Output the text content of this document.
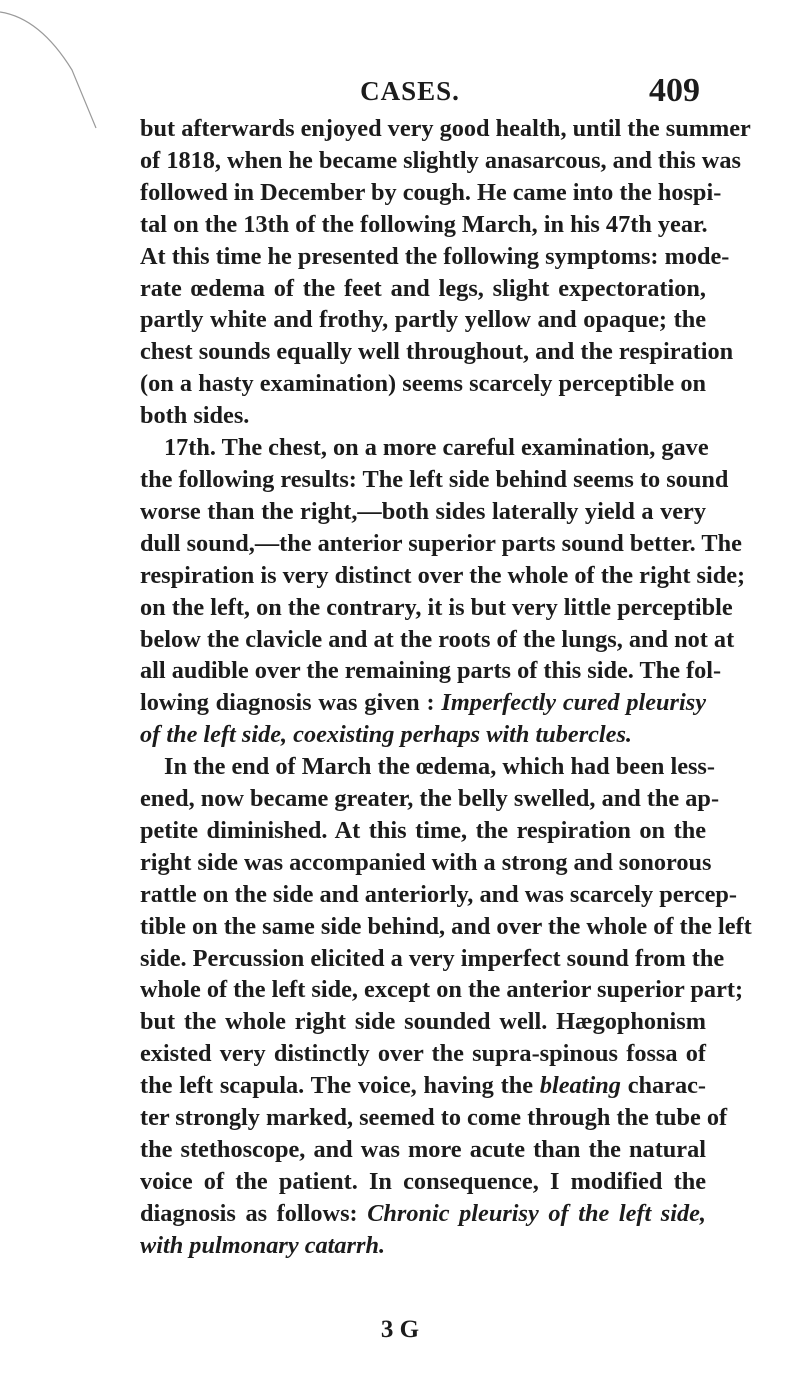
CASES.	409
but afterwards enjoyed very good health, until the summer
of 1818, when he became slightly anasarcous, and this was
followed in December by cough. He came into the hospi-
tal on the 13th of the following March, in his 47th year.
At this time he presented the following symptoms: mode-
rate œdema of the feet and legs, slight expectoration,
partly white and frothy, partly yellow and opaque; the
chest sounds equally well throughout, and the respiration
(on a hasty examination) seems scarcely perceptible on
both sides.
17th. The chest, on a more careful examination, gave
the following results: The left side behind seems to sound
worse than the right,—both sides laterally yield a very
dull sound,—the anterior superior parts sound better. The
respiration is very distinct over the whole of the right side;
on the left, on the contrary, it is but very little perceptible
below the clavicle and at the roots of the lungs, and not at
all audible over the remaining parts of this side. The fol-
lowing diagnosis was given : Imperfectly cured pleurisy
of the left side, coexisting perhaps with tubercles.
In the end of March the œdema, which had been less-
ened, now became greater, the belly swelled, and the ap-
petite diminished. At this time, the respiration on the
right side was accompanied with a strong and sonorous
rattle on the side and anteriorly, and was scarcely percep-
tible on the same side behind, and over the whole of the left
side. Percussion elicited a very imperfect sound from the
whole of the left side, except on the anterior superior part;
but the whole right side sounded well. Hægophonism
existed very distinctly over the supra-spinous fossa of
the left scapula. The voice, having the bleating charac-
ter strongly marked, seemed to come through the tube of
the stethoscope, and was more acute than the natural
voice of the patient. In consequence, I modified the
diagnosis as follows: Chronic pleurisy of the left side,
with pulmonary catarrh.
3 G
